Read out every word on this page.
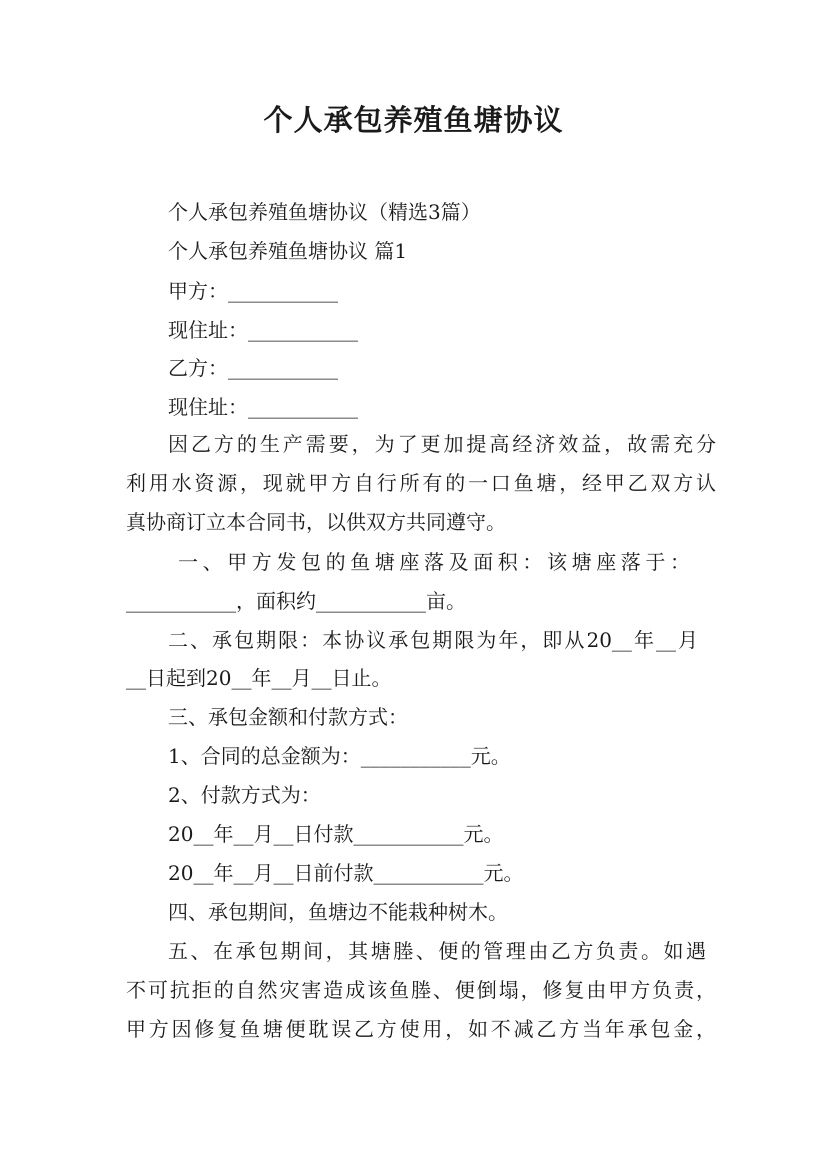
个人承包养殖鱼塘协议
个人承包养殖鱼塘协议（精选3篇）
个人承包养殖鱼塘协议 篇1
甲方：___________
现住址：___________
乙方：___________
现住址：___________
因乙方的生产需要，为了更加提高经济效益，故需充分
利用水资源，现就甲方自行所有的一口鱼塘，经甲乙双方认
真协商订立本合同书，以供双方共同遵守。
一、甲方发包的鱼塘座落及面积：该塘座落于：
___________，面积约___________亩。
二、承包期限：本协议承包期限为年，即从20__年__月
__日起到20__年__月__日止。
三、承包金额和付款方式：
1、合同的总金额为：___________元。
2、付款方式为：
20__年__月__日付款___________元。
20__年__月__日前付款___________元。
四、承包期间，鱼塘边不能栽种树木。
五、在承包期间，其塘塍、便的管理由乙方负责。如遇
不可抗拒的自然灾害造成该鱼塍、便倒塌，修复由甲方负责，
甲方因修复鱼塘便耽误乙方使用，如不减乙方当年承包金，
